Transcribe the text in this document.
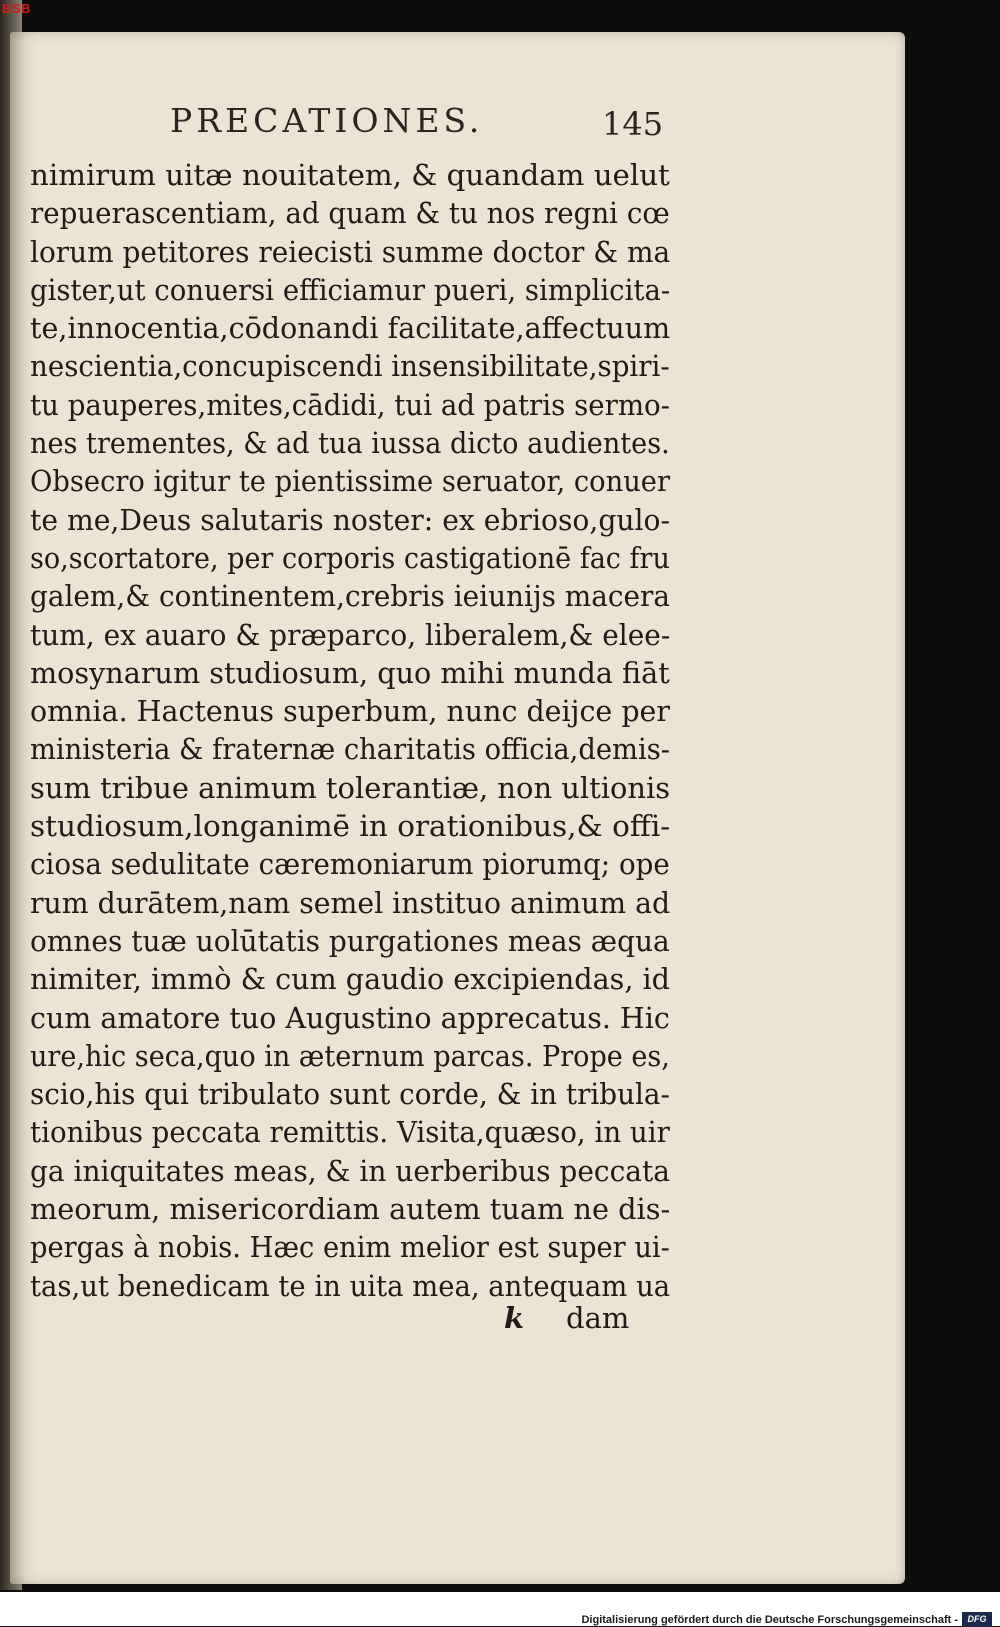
BSB
PRECATIONES.	145
nimirum uitæ nouitatem, & quandam uelut
repuerascentiam, ad quam & tu nos regni cœ
lorum petitores reiecisti summe doctor & ma
gister,ut conuersi efficiamur pueri, simplicita-
te,innocentia,cōdonandi facilitate,affectuum
nescientia,concupiscendi insensibilitate,spiri-
tu pauperes,mites,cādidi, tui ad patris sermo-
nes trementes, & ad tua iussa dicto audientes.
Obsecro igitur te pientissime seruator, conuer
te me,Deus salutaris noster: ex ebrioso,gulo-
so,scortatore, per corporis castigationē fac fru
galem,& continentem,crebris ieiunijs macera
tum, ex auaro & præparco, liberalem,& elee-
mosynarum studiosum, quo mihi munda fiāt
omnia. Hactenus superbum, nunc deijce per
ministeria & fraternæ charitatis officia,demis-
sum tribue animum tolerantiæ, non ultionis
studiosum,longanimē in orationibus,& offi-
ciosa sedulitate cæremoniarum piorumq; ope
rum durātem,nam semel instituo animum ad
omnes tuæ uolūtatis purgationes meas æqua
nimiter, immò & cum gaudio excipiendas, id
cum amatore tuo Augustino apprecatus. Hic
ure,hic seca,quo in æternum parcas. Prope es,
scio,his qui tribulato sunt corde, & in tribula-
tionibus peccata remittis. Visita,quæso, in uir
ga iniquitates meas, & in uerberibus peccata
meorum, misericordiam autem tuam ne dis-
pergas à nobis. Hæc enim melior est super ui-
tas,ut benedicam te in uita mea, antequam ua
k dam
Digitalisierung gefördert durch die Deutsche Forschungsgemeinschaft -	DFG
